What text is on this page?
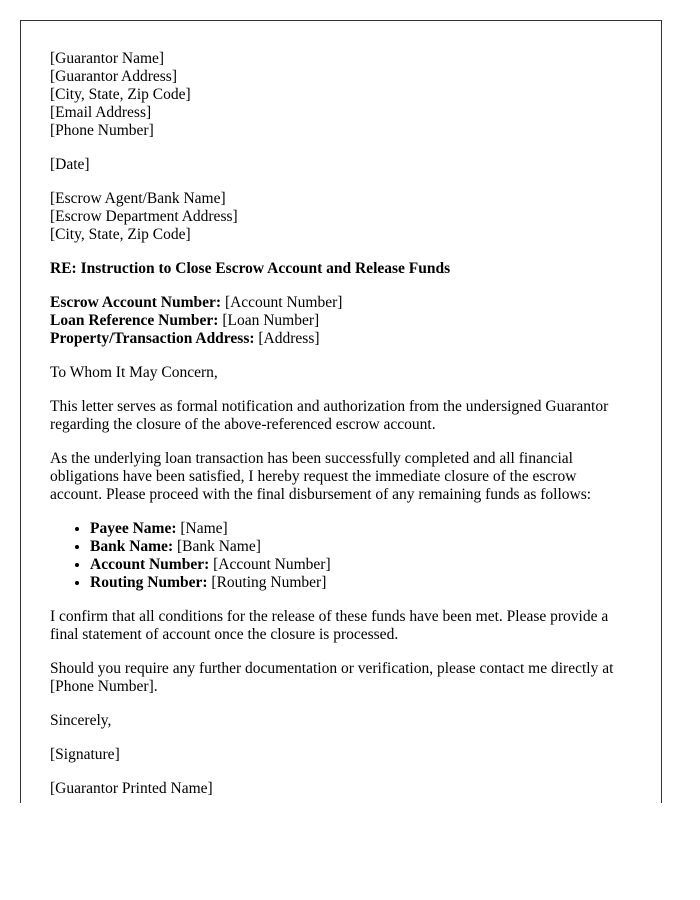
[Guarantor Name]
[Guarantor Address]
[City, State, Zip Code]
[Email Address]
[Phone Number]

[Date]

[Escrow Agent/Bank Name]
[Escrow Department Address]
[City, State, Zip Code]

RE: Instruction to Close Escrow Account and Release Funds

Escrow Account Number: [Account Number]
Loan Reference Number: [Loan Number]
Property/Transaction Address: [Address]

To Whom It May Concern,

This letter serves as formal notification and authorization from the undersigned Guarantor regarding the closure of the above-referenced escrow account.

As the underlying loan transaction has been successfully completed and all financial obligations have been satisfied, I hereby request the immediate closure of the escrow account. Please proceed with the final disbursement of any remaining funds as follows:

• Payee Name: [Name]
• Bank Name: [Bank Name]
• Account Number: [Account Number]
• Routing Number: [Routing Number]

I confirm that all conditions for the release of these funds have been met. Please provide a final statement of account once the closure is processed.

Should you require any further documentation or verification, please contact me directly at [Phone Number].

Sincerely,

[Signature]

[Guarantor Printed Name]
